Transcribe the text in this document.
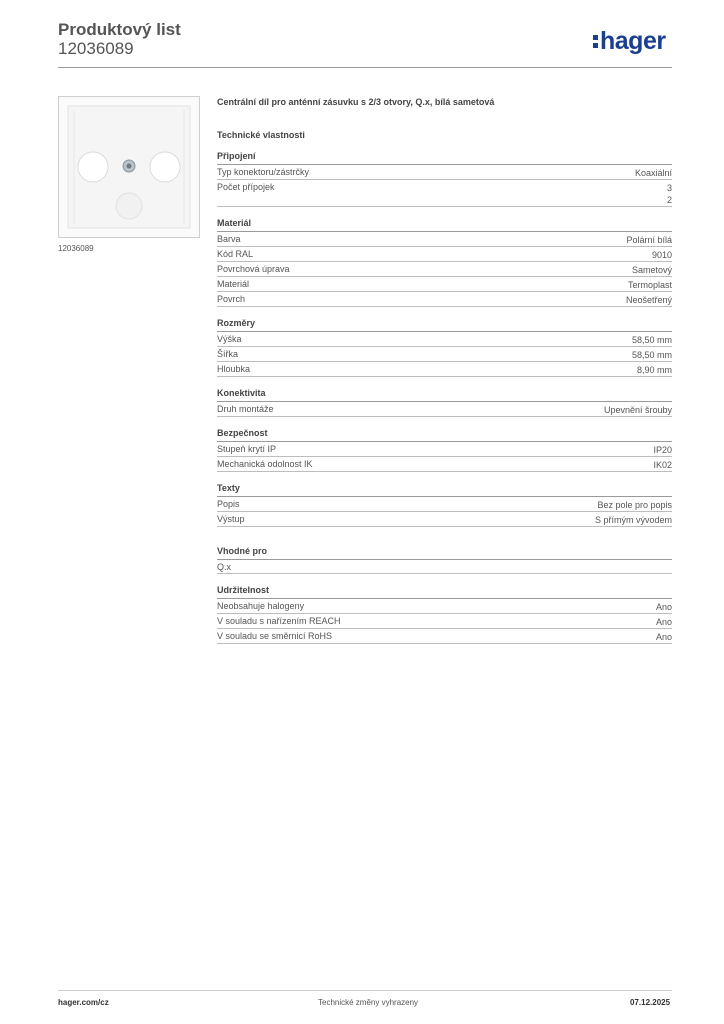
Produktový list
12036089	hager
12036089
Centrální díl pro anténní zásuvku s 2/3 otvory, Q.x, bílá sametová
Technické vlastnosti
Připojení
Typ konektoru/zástrčky	Koaxiální
Počet přípojek	3
2
Materiál
Barva	Polární bílá
Kód RAL	9010
Povrchová úprava	Sametový
Materiál	Termoplast
Povrch	Neošetřený
Rozměry
Výška	58,50 mm
Šířka	58,50 mm
Hloubka	8,90 mm
Konektivita
Druh montáže	Upevnění šrouby
Bezpečnost
Stupeň krytí IP	IP20
Mechanická odolnost IK	IK02
Texty
Popis	Bez pole pro popis
Výstup	S přímým vývodem
Vhodné pro
Q.x
Udržitelnost
Neobsahuje halogeny	Ano
V souladu s nařízením REACH	Ano
V souladu se směrnicí RoHS	Ano
hager.com/cz	Technické změny vyhrazeny	07.12.2025
